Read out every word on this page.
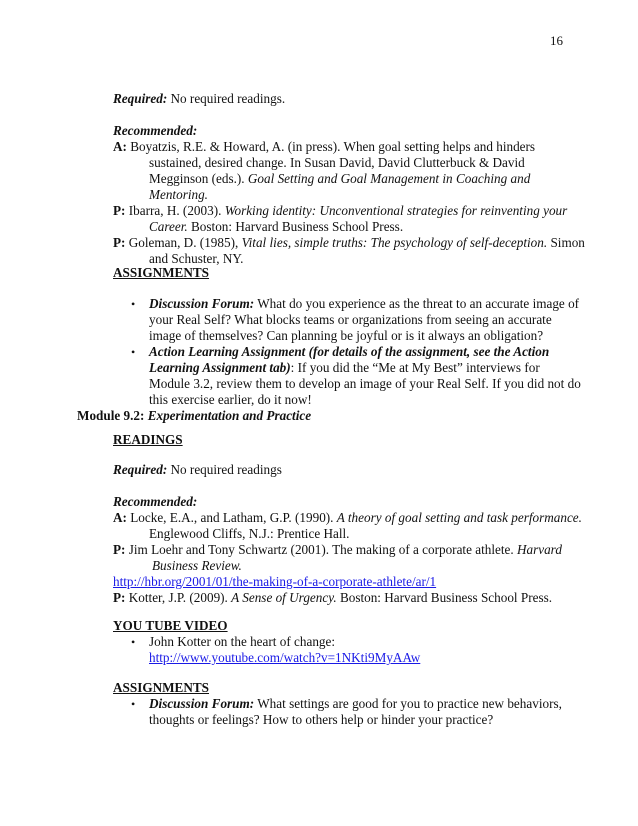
16
Required: No required readings.
Recommended:
A: Boyatzis, R.E. & Howard, A. (in press). When goal setting helps and hinders
sustained, desired change. In Susan David, David Clutterbuck & David
Megginson (eds.). Goal Setting and Goal Management in Coaching and
Mentoring.
P: Ibarra, H. (2003). Working identity: Unconventional strategies for reinventing your
Career. Boston: Harvard Business School Press.
P: Goleman, D. (1985), Vital lies, simple truths: The psychology of self-deception. Simon
and Schuster, NY.
ASSIGNMENTS
• Discussion Forum: What do you experience as the threat to an accurate image of
your Real Self? What blocks teams or organizations from seeing an accurate
image of themselves? Can planning be joyful or is it always an obligation?
• Action Learning Assignment (for details of the assignment, see the Action
Learning Assignment tab): If you did the “Me at My Best” interviews for
Module 3.2, review them to develop an image of your Real Self. If you did not do
this exercise earlier, do it now!
Module 9.2: Experimentation and Practice
READINGS
Required: No required readings
Recommended:
A: Locke, E.A., and Latham, G.P. (1990). A theory of goal setting and task performance.
Englewood Cliffs, N.J.: Prentice Hall.
P: Jim Loehr and Tony Schwartz (2001). The making of a corporate athlete. Harvard
Business Review.
http://hbr.org/2001/01/the-making-of-a-corporate-athlete/ar/1
P: Kotter, J.P. (2009). A Sense of Urgency. Boston: Harvard Business School Press.
YOU TUBE VIDEO
• John Kotter on the heart of change:
http://www.youtube.com/watch?v=1NKti9MyAAw
ASSIGNMENTS
• Discussion Forum: What settings are good for you to practice new behaviors,
thoughts or feelings? How to others help or hinder your practice?
